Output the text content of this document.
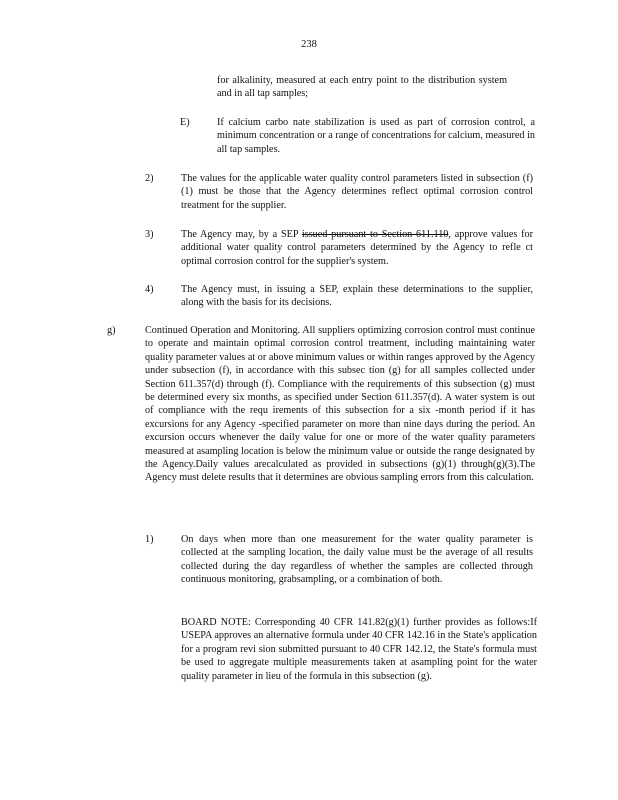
238
for alkalinity, measured at each entry point to the distribution system and in all tap samples;
E)	If calcium carbo nate stabilization is used as part of corrosion control, a minimum concentration or a range of concentrations for calcium, measured in all tap samples.
2)	The values for the applicable water quality control parameters listed in subsection (f)(1) must be those that the Agency determines reflect optimal corrosion control treatment for the supplier.
3)	The Agency may, by a SEP issued pursuant to Section 611.110, approve values for additional water quality control parameters determined by the Agency to refle ct optimal corrosion control for the supplier's system.
4)	The Agency must, in issuing a SEP, explain these determinations to the supplier, along with the basis for its decisions.
g)	Continued Operation and Monitoring. All suppliers optimizing corrosion control must continue to operate and maintain optimal corrosion control treatment, including maintaining water quality parameter values at or above minimum values or within ranges approved by the Agency under subsection (f), in accordance with this subsec tion (g) for all samples collected under Section 611.357(d) through (f). Compliance with the requirements of this subsection (g) must be determined every six months, as specified under Section 611.357(d). A water system is out of compliance with the requ irements of this subsection for a six -month period if it has excursions for any Agency -specified parameter on more than nine days during the period. An excursion occurs whenever the daily value for one or more of the water quality parameters measured at asampling location is below the minimum value or outside the range designated by the Agency.Daily values arecalculated as provided in subsections (g)(1) through(g)(3).The Agency must delete results that it determines are obvious sampling errors from this calculation.
1)	On days when more than one measurement for the water quality parameter is collected at the sampling location, the daily value must be the average of all results collected during the day regardless of whether the samples are collected through continuous monitoring, grabsampling, or a combination of both.
BOARD NOTE: Corresponding 40 CFR 141.82(g)(1) further provides as follows:If USEPA approves an alternative formula under 40 CFR 142.16 in the State's application for a program revi sion submitted pursuant to 40 CFR 142.12, the State's formula must be used to aggregate multiple measurements taken at asampling point for the water quality parameter in lieu of the formula in this subsection (g).
